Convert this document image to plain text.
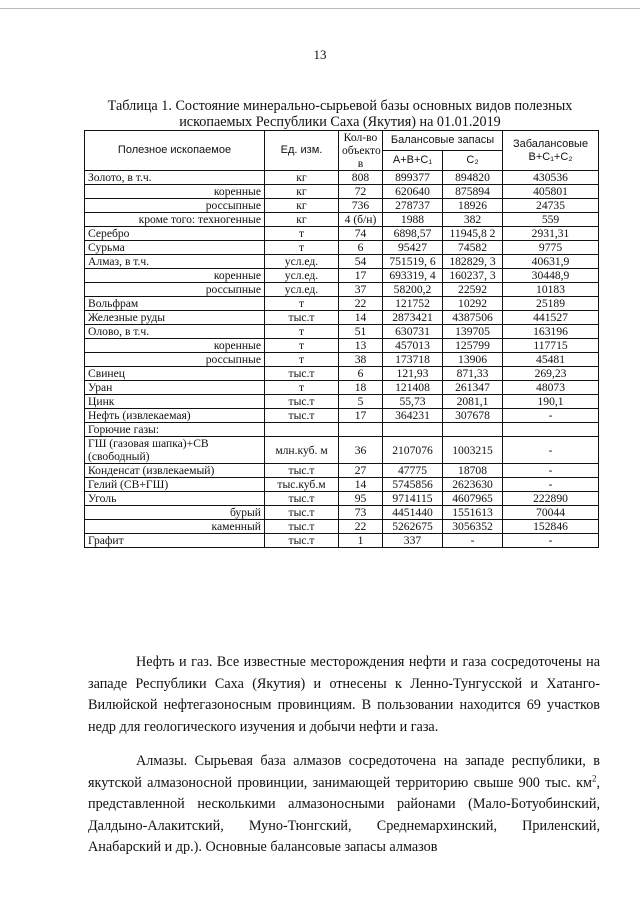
13
Таблица 1. Состояние минерально-сырьевой базы основных видов полезных ископаемых Республики Саха (Якутия) на 01.01.2019
Полезное ископаемое	Ед. изм.	Кол-во объекто в	Балансовые запасы		Забалансовые В+С₁+С₂
			А+В+С₁	С₂	
Золото, в т.ч.	кг	808	899377	894820	430536
коренные	кг	72	620640	875894	405801
россыпные	кг	736	278737	18926	24735
кроме того: техногенные	кг	4 (б/н)	1988	382	559
Серебро	т	74	6898,57	11945,8 2	2931,31
Сурьма	т	6	95427	74582	9775
Алмаз, в т.ч.	усл.ед.	54	751519, 6	182829, 3	40631,9
коренные	усл.ед.	17	693319, 4	160237, 3	30448,9
россыпные	усл.ед.	37	58200,2	22592	10183
Вольфрам	т	22	121752	10292	25189
Железные руды	тыс.т	14	2873421	4387506	441527
Олово, в т.ч.	т	51	630731	139705	163196
коренные	т	13	457013	125799	117715
россыпные	т	38	173718	13906	45481
Свинец	тыс.т	6	121,93	871,33	269,23
Уран	т	18	121408	261347	48073
Цинк	тыс.т	5	55,73	2081,1	190,1
Нефть (извлекаемая)	тыс.т	17	364231	307678	-
Горючие газы:					
ГШ (газовая шапка)+СВ (свободный)	млн.куб. м	36	2107076	1003215	-
Конденсат (извлекаемый)	тыс.т	27	47775	18708	-
Гелий (СВ+ГШ)	тыс.куб.м	14	5745856	2623630	-
Уголь	тыс.т	95	9714115	4607965	222890
бурый	тыс.т	73	4451440	1551613	70044
каменный	тыс.т	22	5262675	3056352	152846
Графит	тыс.т	1	337	-	-
Нефть и газ. Все известные месторождения нефти и газа сосредоточены на западе Республики Саха (Якутия) и отнесены к Ленно-Тунгусской и Хатанго-Вилюйской нефтегазоносным провинциям. В пользовании находится 69 участков недр для геологического изучения и добычи нефти и газа.
Алмазы. Сырьевая база алмазов сосредоточена на западе республики, в якутской алмазоносной провинции, занимающей территорию свыше 900 тыс. $км^2$, представленной несколькими алмазоносными районами (Мало-Ботуобинский, Далдыно-Алакитский, Муно-Тюнгский, Среднемархинский, Приленский, Анабарский и др.). Основные балансовые запасы алмазов
